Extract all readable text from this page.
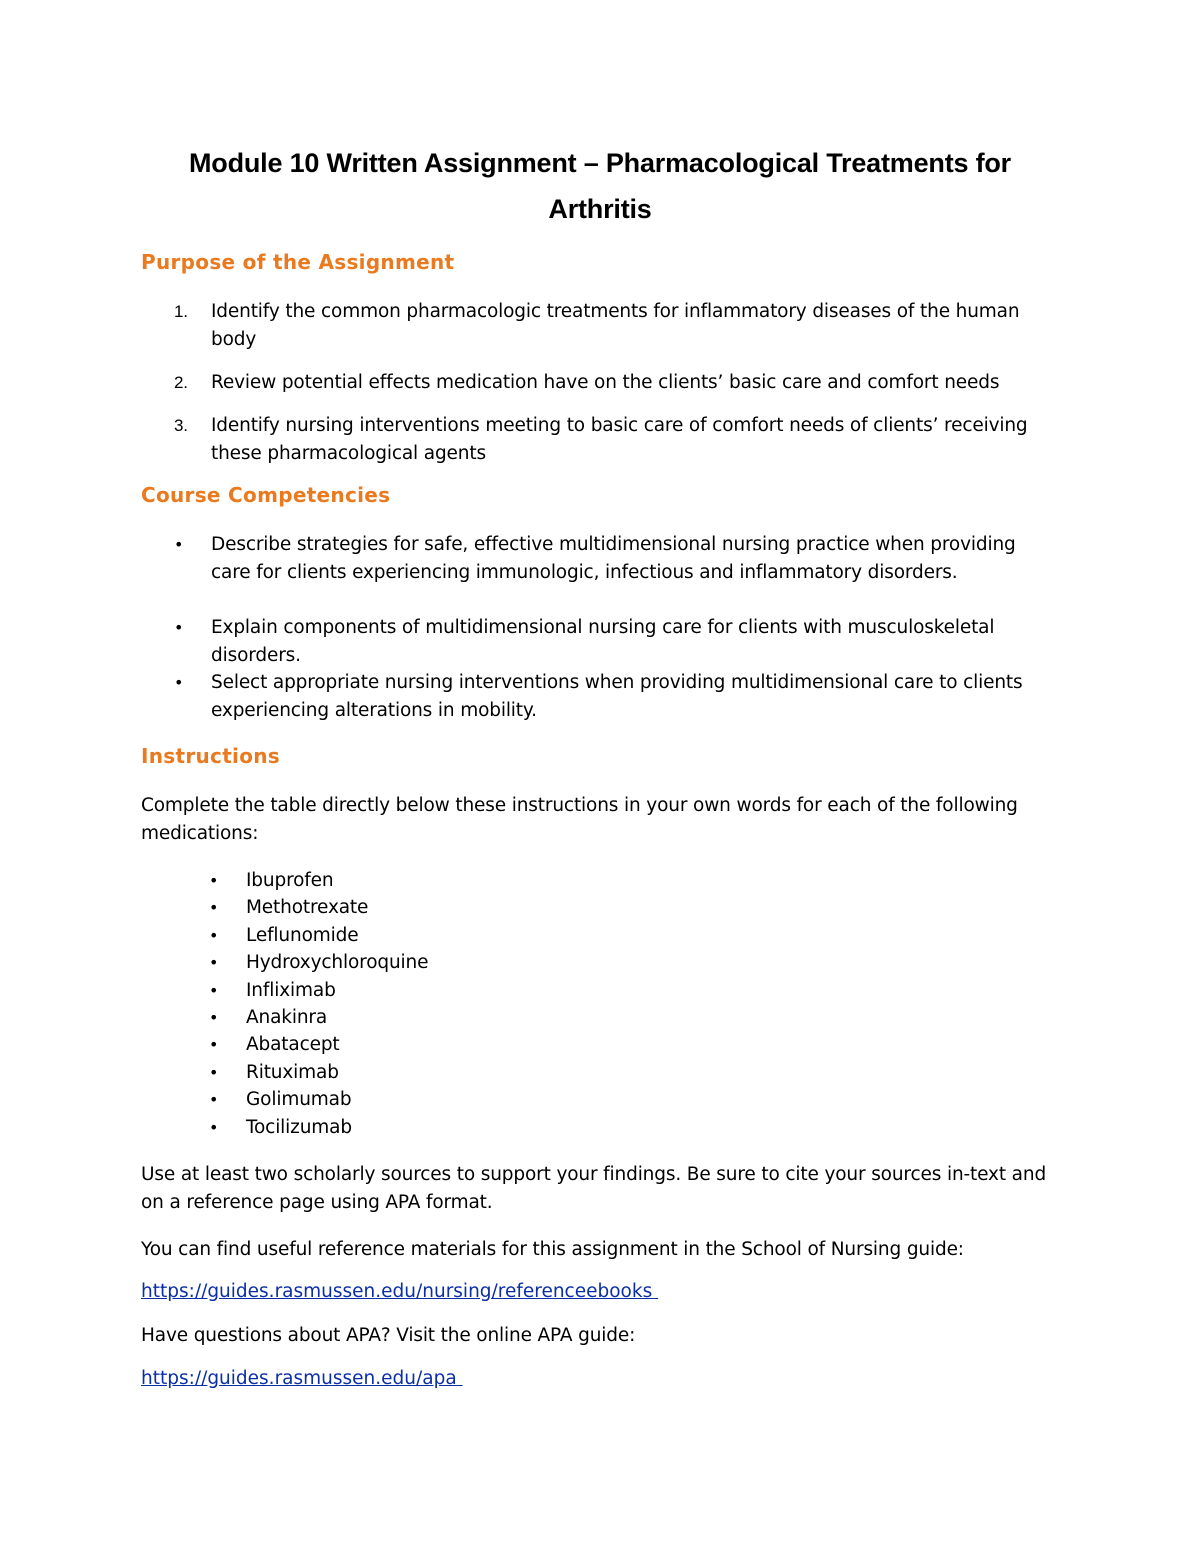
Module 10 Written Assignment – Pharmacological Treatments for
Arthritis
Purpose of the Assignment
1. Identify the common pharmacologic treatments for inflammatory diseases of the human body
2. Review potential effects medication have on the clients’ basic care and comfort needs
3. Identify nursing interventions meeting to basic care of comfort needs of clients’ receiving these pharmacological agents
Course Competencies
• Describe strategies for safe, effective multidimensional nursing practice when providing care for clients experiencing immunologic, infectious and inflammatory disorders.
• Explain components of multidimensional nursing care for clients with musculoskeletal disorders.
• Select appropriate nursing interventions when providing multidimensional care to clients experiencing alterations in mobility.
Instructions
Complete the table directly below these instructions in your own words for each of the following medications:
• Ibuprofen
• Methotrexate
• Leflunomide
• Hydroxychloroquine
• Infliximab
• Anakinra
• Abatacept
• Rituximab
• Golimumab
• Tocilizumab
Use at least two scholarly sources to support your findings. Be sure to cite your sources in-text and on a reference page using APA format.
You can find useful reference materials for this assignment in the School of Nursing guide:
https://guides.rasmussen.edu/nursing/referenceebooks
Have questions about APA? Visit the online APA guide:
https://guides.rasmussen.edu/apa
